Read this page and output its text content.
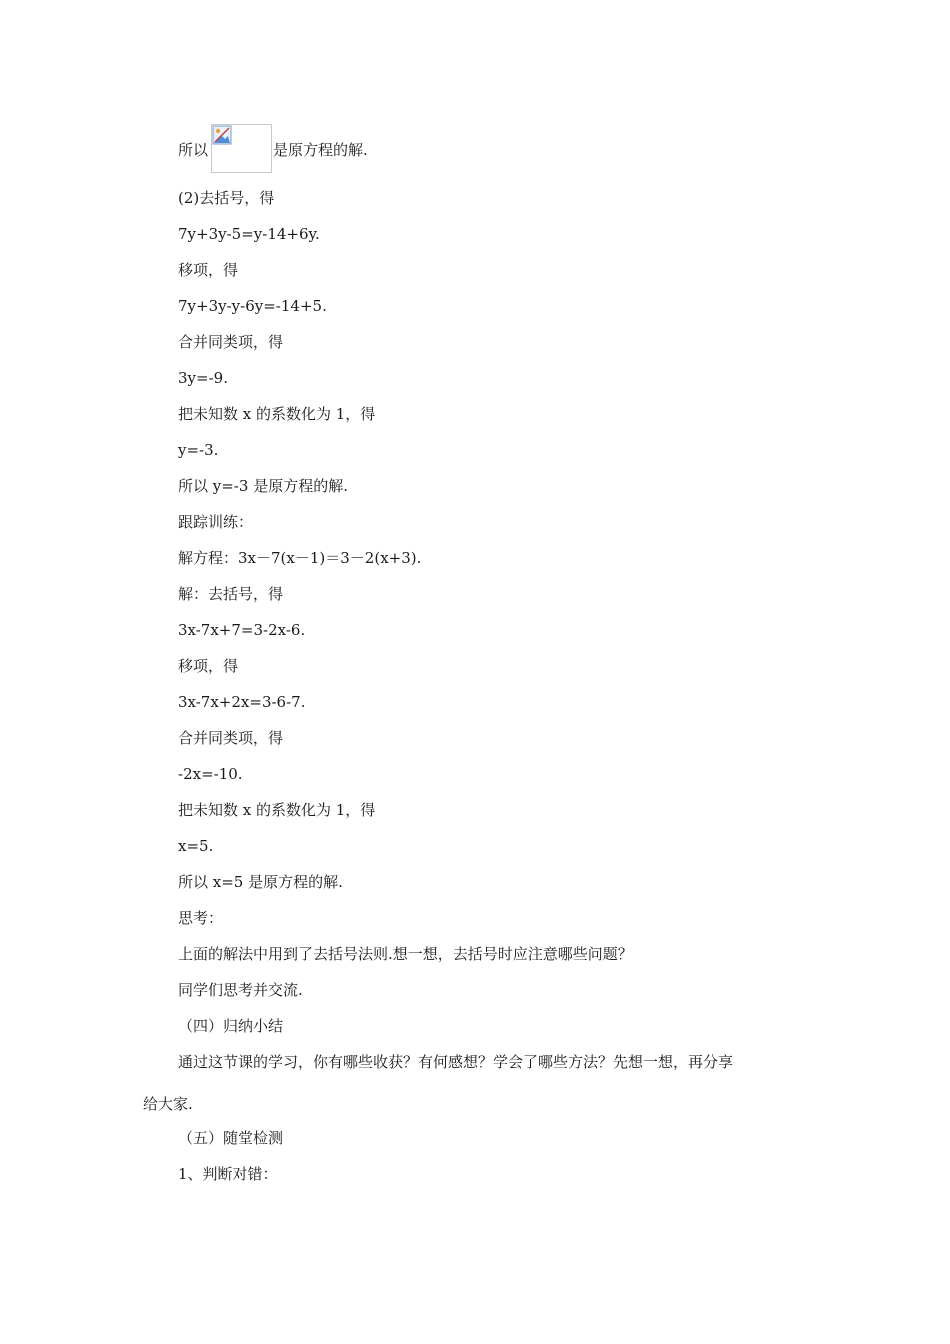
所以	是原方程的解.
(2)去括号，得
7y+3y-5=y-14+6y.
移项，得
7y+3y-y-6y=-14+5.
合并同类项，得
3y=-9.
把未知数 x 的系数化为 1，得
y=-3.
所以 y=-3 是原方程的解.
跟踪训练：
解方程：3x－7(x－1)＝3－2(x+3).
解：去括号，得
3x-7x+7=3-2x-6.
移项，得
3x-7x+2x=3-6-7.
合并同类项，得
-2x=-10.
把未知数 x 的系数化为 1，得
x=5.
所以 x=5 是原方程的解.
思考：
上面的解法中用到了去括号法则.想一想，去括号时应注意哪些问题？
同学们思考并交流.
（四）归纳小结
通过这节课的学习，你有哪些收获？有何感想？学会了哪些方法？先想一想，再分享
给大家.
（五）随堂检测
1、判断对错：
